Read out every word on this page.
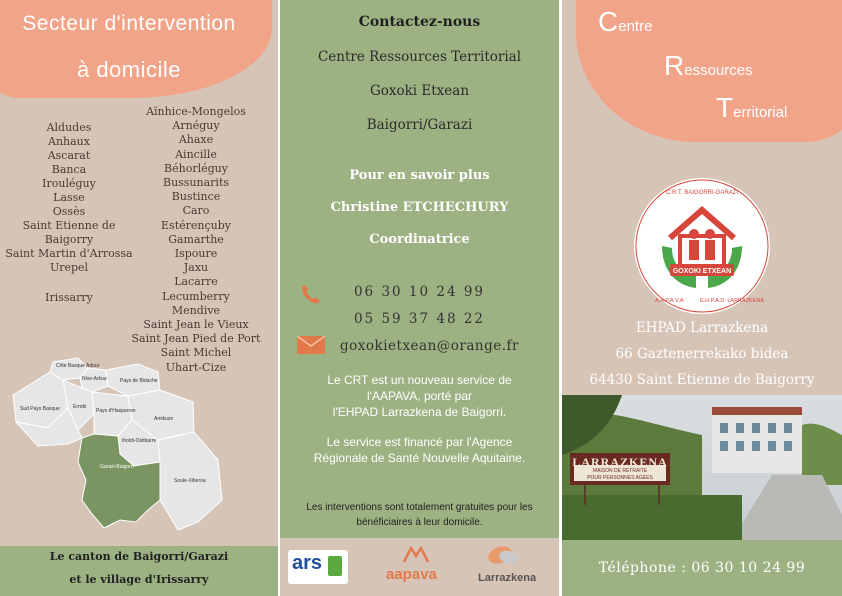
Secteur d'intervention
à domicile
Aldudes
Anhaux
Ascarat
Banca
Irouléguy
Lasse
Ossès
Saint Etienne de
Baigorry
Saint Martin d'Arrossa
Urepel
Irissarry
Aïnhice-Mongelos
Arnéguy
Ahaxe
Aincille
Béhorléguy
Bussunarits
Bustince
Caro
Estérençuby
Gamarthe
Ispoure
Jaxu
Lacarre
Lecumberry
Mendive
Saint Jean le Vieux
Saint Jean Pied de Port
Saint Michel
Uhart-Cize
Côte Basque Adour
Nive-Adour	Pays de Bidache
Sud Pays Basque	Errobi
Pays d'Hasparren
Amikuze
Iholdi-Ostibarre
Garazi-Baigorri
Soule-Xiberoa
Le canton de Baigorri/Garazi
et le village d'Irissarry
Contactez-nous
Centre Ressources Territorial
Goxoki Etxean
Baigorri/Garazi
Pour en savoir plus
Christine ETCHECHURY
Coordinatrice
06 30 10 24 99
05 59 37 48 22
goxokietxean@orange.fr
Le CRT est un nouveau service de
l'AAPAVA, porté par
l'EHPAD Larrazkena de Baigorri.
Le service est financé par l'Agence
Régionale de Santé Nouvelle Aquitaine.
Les interventions sont totalement gratuites pour les
bénéficiaires à leur domicile.
ars
aapava	Larrazkena
Centre
Ressources
Territorial
GOXOKI ETXEAN
C.R.T. BAIGORRI-GARAZI
A.A.P.A.V.A.	E.H.P.A.D. LARRAZKENA
EHPAD Larrazkena
66 Gaztenerrekako bidea
64430 Saint Etienne de Baigorry
LARRAZKENA
MAISON DE RETRAITE
POUR PERSONNES AGÉES
Téléphone : 06 30 10 24 99
